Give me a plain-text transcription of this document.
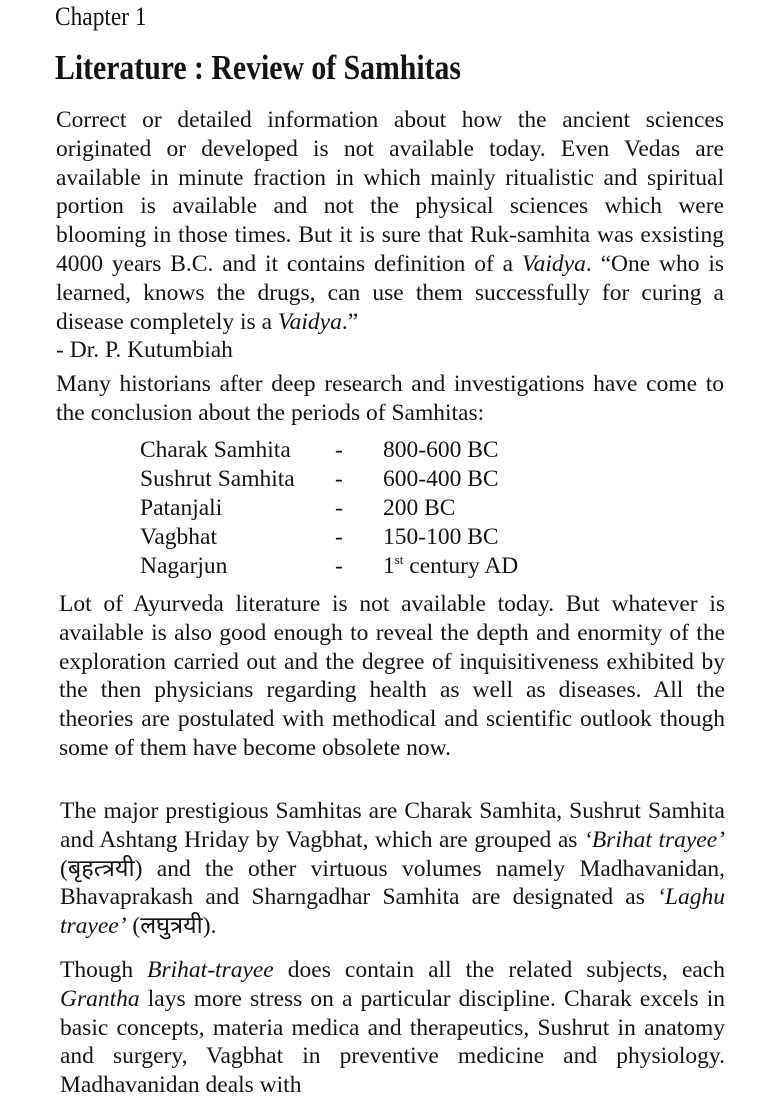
Chapter 1
Literature : Review of Samhitas

Correct or detailed information about how the ancient sciences originated or developed is not available today. Even Vedas are available in minute fraction in which mainly ritualistic and spiritual portion is available and not the physical sciences which were blooming in those times. But it is sure that Ruk-samhita was exsisting 4000 years B.C. and it contains definition of a Vaidya. “One who is learned, knows the drugs, can use them successfully for curing a disease completely is a Vaidya.”
- Dr. P. Kutumbiah

Many historians after deep research and investigations have come to the conclusion about the periods of Samhitas:

Charak Samhita	-	800-600 BC
Sushrut Samhita	-	600-400 BC
Patanjali	-	200 BC
Vagbhat	-	150-100 BC
Nagarjun	-	1st century AD

Lot of Ayurveda literature is not available today. But whatever is available is also good enough to reveal the depth and enormity of the exploration carried out and the degree of inquisitiveness exhibited by the then physicians regarding health as well as diseases. All the theories are postulated with methodical and scientific outlook though some of them have become obsolete now.

The major prestigious Samhitas are Charak Samhita, Sushrut Samhita and Ashtang Hriday by Vagbhat, which are grouped as ‘Brihat trayee’ (बृहत्त्रयी) and the other virtuous volumes namely Madhavanidan, Bhavaprakash and Sharngadhar Samhita are designated as ‘Laghu trayee’ (लघुत्रयी).

Though Brihat-trayee does contain all the related subjects, each Grantha lays more stress on a particular discipline. Charak excels in basic concepts, materia medica and therapeutics, Sushrut in anatomy and surgery, Vagbhat in preventive medicine and physiology. Madhavanidan deals with
